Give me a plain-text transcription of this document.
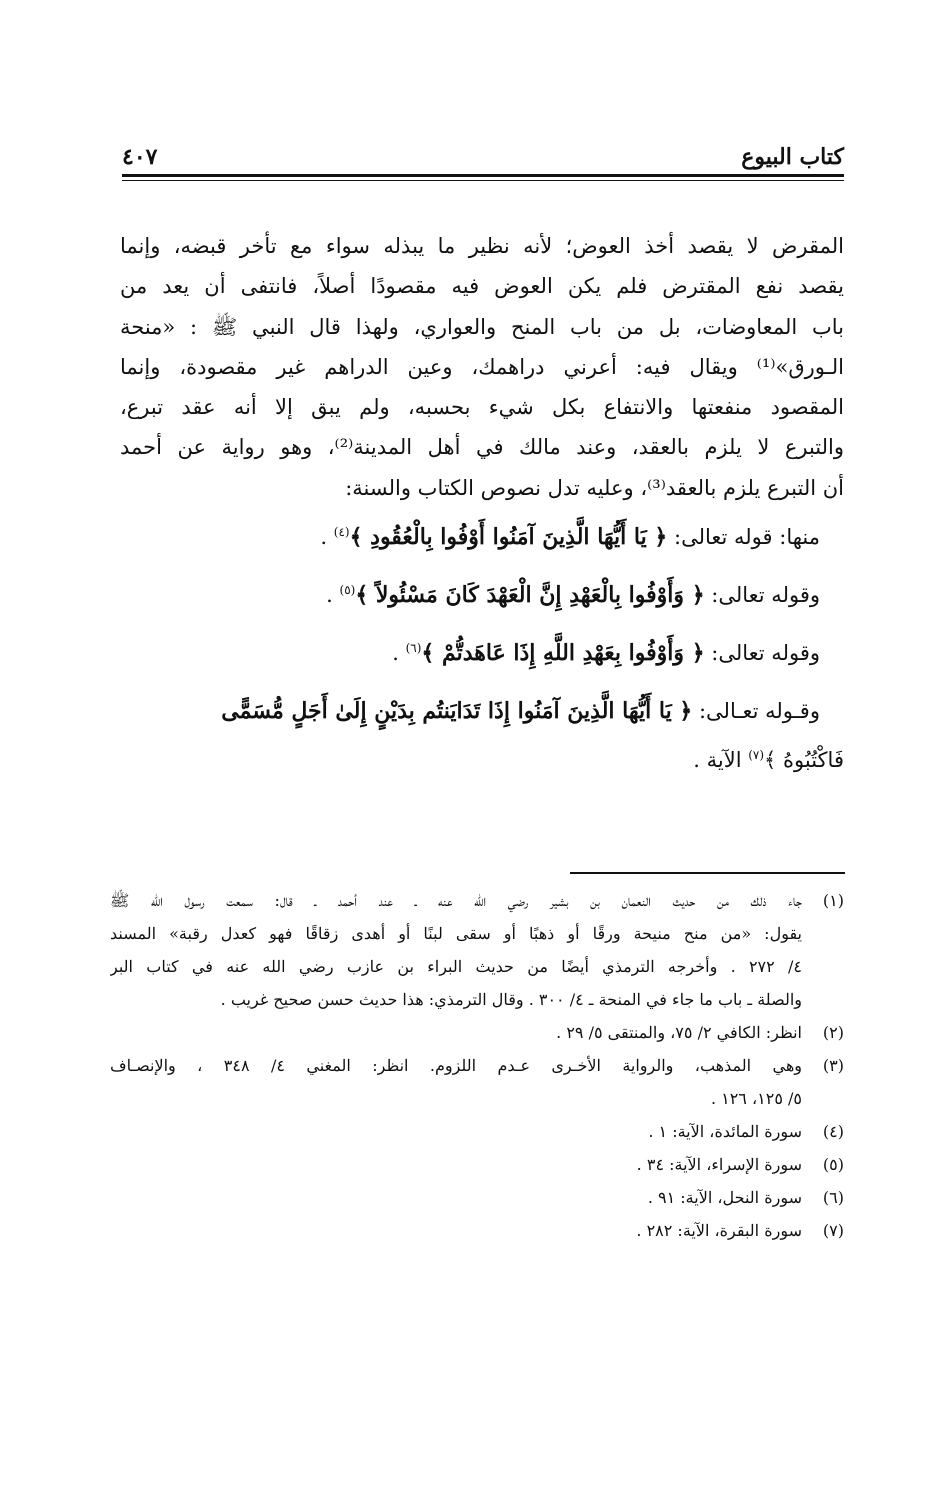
كتاب البيوع
٤٠٧
المقرض لا يقصد أخذ العوض؛ لأنه نظير ما يبذله سواء مع تأخر قبضه، وإنما
يقصد نفع المقترض فلم يكن العوض فيه مقصودًا أصلاً، فانتفى أن يعد من
باب المعاوضات، بل من باب المنح والعواري، ولهذا قال النبي ﷺ : «منحة
الـورق»⁽¹⁾ ويقال فيه: أعرني دراهمك، وعين الدراهم غير مقصودة، وإنما
المقصود منفعتها والانتفاع بكل شيء بحسبه، ولم يبق إلا أنه عقد تبرع،
والتبرع لا يلزم بالعقد، وعند مالك في أهل المدينة⁽²⁾، وهو رواية عن أحمد
أن التبرع يلزم بالعقد⁽³⁾، وعليه تدل نصوص الكتاب والسنة:
منها: قوله تعالى: ﴿ يَا أَيُّهَا الَّذِينَ آمَنُوا أَوْفُوا بِالْعُقُودِ ﴾$^{(٤)}$ .
وقوله تعالى: ﴿ وَأَوْفُوا بِالْعَهْدِ إِنَّ الْعَهْدَ كَانَ مَسْئُولاً ﴾$^{(٥)}$ .
وقوله تعالى: ﴿ وَأَوْفُوا بِعَهْدِ اللَّهِ إِذَا عَاهَدتُّمْ ﴾$^{(٦)}$ .
وقـوله تعـالى: ﴿ يَا أَيُّهَا الَّذِينَ آمَنُوا إِذَا تَدَايَنتُم بِدَيْنٍ إِلَىٰ أَجَلٍ مُّسَمًّى
فَاكْتُبُوهُ ﴾$^{(٧)}$ الآية .
(١)
جاء ذلك من حديث النعمان بن بشير رضي الله عنه ـ عند أحمد ـ قال: سمعت رسول الله ﷺ
يقول: «من منح منيحة ورقًا أو ذهبًا أو سقى لبنًا أو أهدى زقاقًا فهو كعدل رقبة» المسند
٤/ ٢٧٢ . وأخرجه الترمذي أيضًا من حديث البراء بن عازب رضي الله عنه في كتاب البر
والصلة ـ باب ما جاء في المنحة ـ ٤/ ٣٠٠ . وقال الترمذي: هذا حديث حسن صحيح غريب .
(٢)
انظر: الكافي ٢/ ٧٥، والمنتقى ٥/ ٢٩ .
(٣)
وهي المذهب، والرواية الأخـرى عـدم اللزوم. انظر: المغني ٤/ ٣٤٨ ، والإنصـاف
٥/ ١٢٥، ١٢٦ .
(٤)
سورة المائدة، الآية: ١ .
(٥)
سورة الإسراء، الآية: ٣٤ .
(٦)
سورة النحل، الآية: ٩١ .
(٧)
سورة البقرة، الآية: ٢٨٢ .
